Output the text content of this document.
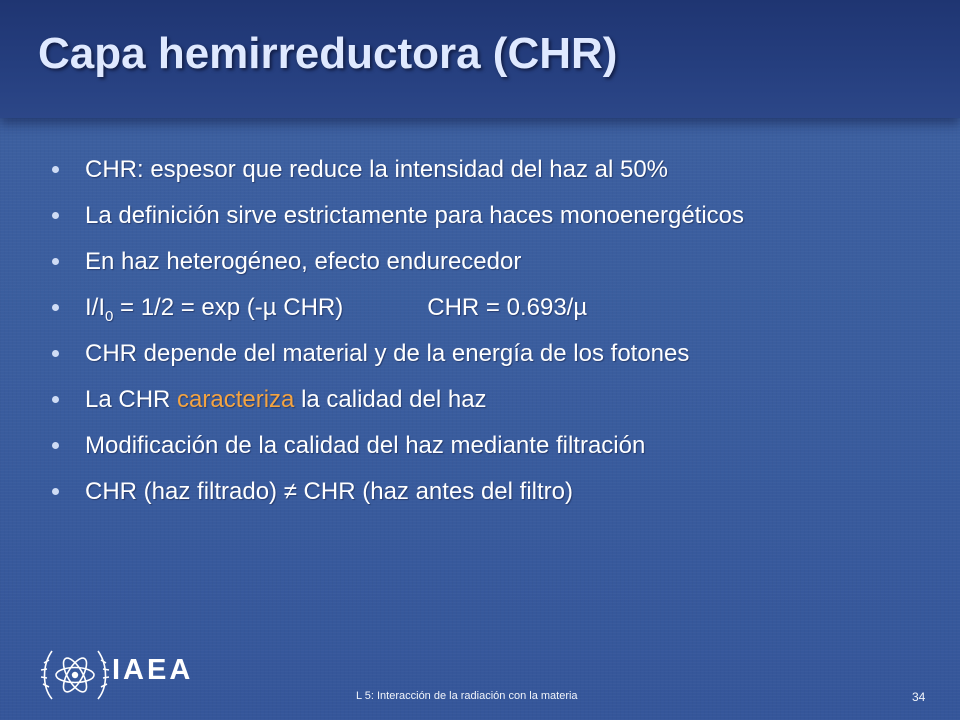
Capa hemirreductora (CHR)
CHR: espesor que reduce la intensidad del haz al 50%
La definición sirve estrictamente para haces monoenergéticos
En haz heterogéneo, efecto endurecedor
$I/I_0 = 1/2 = \exp (-\mu$ CHR)	CHR = 0.693/µ
CHR depende del material y de la energía de los fotones
La CHR caracteriza la calidad del haz
Modificación de la calidad del haz mediante filtración
CHR (haz filtrado) ≠ CHR (haz antes del filtro)
IAEA
L 5: Interacción de la radiación con la materia	34
